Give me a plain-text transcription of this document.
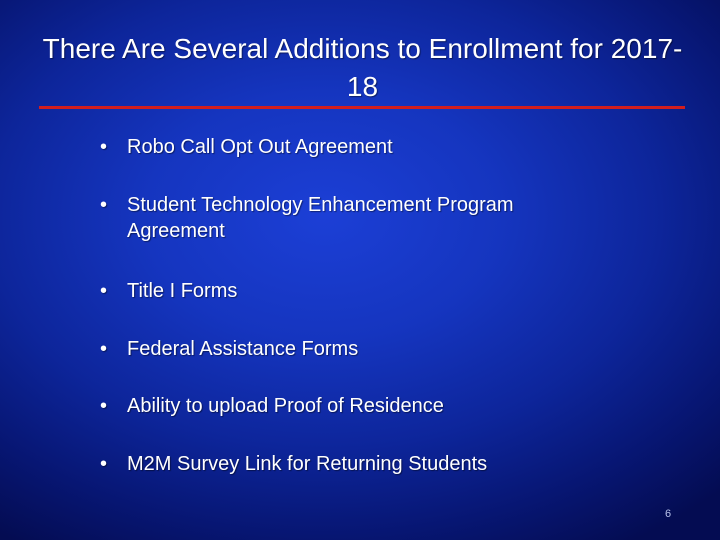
There Are Several Additions to Enrollment for 2017-18
• Robo Call Opt Out Agreement
• Student Technology Enhancement Program Agreement
• Title I Forms
• Federal Assistance Forms
• Ability to upload Proof of Residence
• M2M Survey Link for Returning Students
6
